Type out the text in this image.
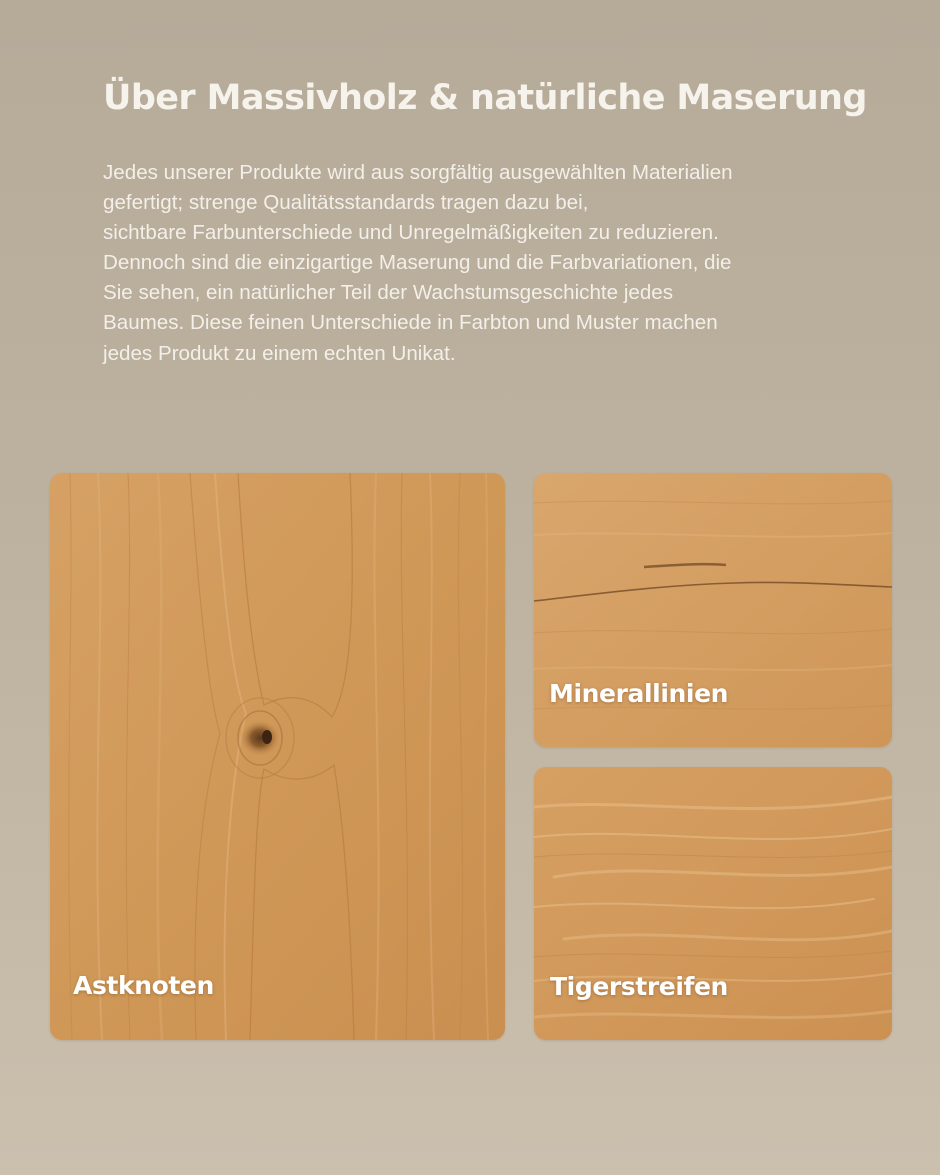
Über Massivholz & natürliche Maserung
Jedes unserer Produkte wird aus sorgfältig ausgewählten Materialien
gefertigt; strenge Qualitätsstandards tragen dazu bei,
sichtbare Farbunterschiede und Unregelmäßigkeiten zu reduzieren.
Dennoch sind die einzigartige Maserung und die Farbvariationen, die
Sie sehen, ein natürlicher Teil der Wachstumsgeschichte jedes
Baumes. Diese feinen Unterschiede in Farbton und Muster machen
jedes Produkt zu einem echten Unikat.
Astknoten
Minerallinien
Tigerstreifen
